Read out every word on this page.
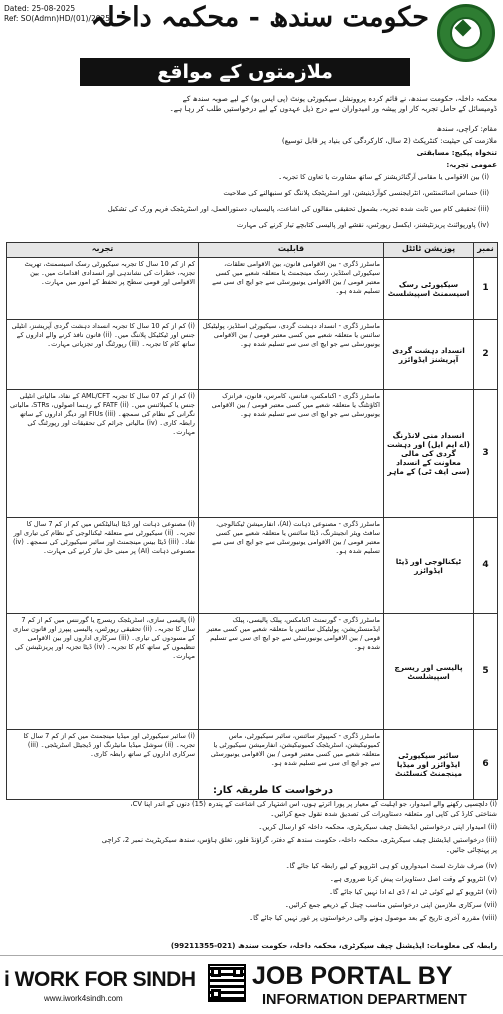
حکومت سندھ - محکمہ داخلہ
Dated: 25-08-2025
Ref: SO(Admn)HD/(01)/2025
ملازمتوں کے مواقع
محکمہ داخلہ، حکومت سندھ، نے قائم کردہ پروونشل سیکیورٹی یونٹ (پی ایس یو) کے لیے صوبہ سندھ کے
ڈومیسائل کے حامل تجربہ کار اور پیشہ ور امیدواران سے درج ذیل عہدوں کے لیے درخواستیں طلب کر رہا ہے۔
مقام: کراچی، سندھ
ملازمت کی حیثیت: کنٹریکٹ (2 سال، کارکردگی کی بنیاد پر قابل توسیع)
تنخواہ پیکیج: مسابقتی
عمومی تجربہ:
(i) بین الاقوامی یا مقامی آرگنائزیشنز کے ساتھ مشاورت یا تعاون کا تجربہ۔
(ii) حساس اسائنمنٹس، انٹرایجنسی کوآرڈینیشن، اور اسٹریٹجک پلاننگ کو سنبھالنے کی صلاحیت
(iii) تحقیقی کام میں ثابت شدہ تجربہ، بشمول تحقیقی مقالوں کی اشاعت، پالیسیاں، دستورالعمل، اور اسٹریٹجک فریم ورک کی تشکیل
(iv) پاورپوائنٹ پریزنٹیشنز، ایکسل رپورٹس، نقشے اور پالیسی کتابچے تیار کرنے کی مہارت
نمبر	پوزیشن ٹائٹل	قابلیت	تجربہ
1	سیکیورٹی رسک اسیسمنٹ اسپیشلسٹ	ماسٹرز ڈگری - بین الاقوامی قانون، بین الاقوامی تعلقات، سیکیورٹی اسٹڈیز، رسک مینجمنٹ یا متعلقہ شعبے میں کسی معتبر قومی / بین الاقوامی یونیورسٹی سے جو ایچ ای سی سے تسلیم شدہ ہو۔	کم از کم 10 سال کا تجربہ سیکیورٹی رسک اسیسمنٹ، تھریٹ تجزیہ، خطرات کی نشاندہی اور انسدادی اقدامات میں۔ بین الاقوامی اور قومی سطح پر تحفظ کے امور میں مہارت۔
2	انسداد دہشت گردی آپریشنز ایڈوائزر	ماسٹرز ڈگری - انسداد دہشت گردی، سیکیورٹی اسٹڈیز، پولیٹیکل سائنس یا متعلقہ شعبے میں کسی معتبر قومی / بین الاقوامی یونیورسٹی سے جو ایچ ای سی سے تسلیم شدہ ہو۔	(i) کم از کم 10 سال کا تجربہ انسداد دہشت گردی آپریشنز، انٹیلی جنس اور ٹیکٹیکل پلاننگ میں۔ (ii) قانون نافذ کرنے والے اداروں کے ساتھ کام کا تجربہ۔ (iii) رپورٹنگ اور تجزیاتی مہارت۔
3	انسداد منی لانڈرنگ (اے ایم ایل) اور دہشت گردی کی مالی معاونت کے انسداد (سی ایف ٹی) کے ماہر	ماسٹرز ڈگری - اکنامکس، فنانس، کامرس، قانون، فرانزک اکاؤنٹنگ یا متعلقہ شعبے میں کسی معتبر قومی / بین الاقوامی یونیورسٹی سے جو ایچ ای سی سے تسلیم شدہ ہو۔	(i) کم از کم 07 سال کا تجربہ AML/CFT کے نفاذ، مالیاتی انٹیلی جنس یا کمپلائنس میں۔ (ii) FATF کے رہنما اصولوں، STRs، مالیاتی نگرانی کے نظام کی سمجھ۔ (iii) FIUs اور دیگر اداروں کے ساتھ رابطہ کاری۔ (iv) مالیاتی جرائم کی تحقیقات اور رپورٹنگ کی مہارت۔
4	ٹیکنالوجی اور ڈیٹا ایڈوائزر	ماسٹرز ڈگری - مصنوعی ذہانت (AI)، انفارمیشن ٹیکنالوجی، سافٹ ویئر انجینئرنگ، ڈیٹا سائنس یا متعلقہ شعبے میں کسی معتبر قومی / بین الاقوامی یونیورسٹی سے جو ایچ ای سی سے تسلیم شدہ ہو۔	(i) مصنوعی ذہانت اور ڈیٹا اینالیٹکس میں کم از کم 7 سال کا تجربہ۔ (ii) سیکیورٹی سے متعلقہ ٹیکنالوجی کے نظام کی تیاری اور نفاذ۔ (iii) ڈیٹا بیس مینجمنٹ اور سائبر سیکیورٹی کی سمجھ۔ (iv) مصنوعی ذہانت (AI) پر مبنی حل تیار کرنے کی مہارت۔
5	پالیسی اور ریسرچ اسپیشلسٹ	ماسٹرز ڈگری - گورنمنٹ اکنامکس، پبلک پالیسی، پبلک ایڈمنسٹریشن، پولیٹیکل سائنس یا متعلقہ شعبے میں کسی معتبر قومی / بین الاقوامی یونیورسٹی سے جو ایچ ای سی سے تسلیم شدہ ہو۔	(i) پالیسی سازی، اسٹریٹجک ریسرچ یا گورننس میں کم از کم 7 سال کا تجربہ۔ (ii) تحقیقی رپورٹس، پالیسی پیپرز اور قانون سازی کے مسودوں کی تیاری۔ (iii) سرکاری اداروں اور بین الاقوامی تنظیموں کے ساتھ کام کا تجربہ۔ (iv) ڈیٹا تجزیہ اور پریزنٹیشن کی مہارت۔
6	سائبر سیکیورٹی ایڈوائزر اور میڈیا مینجمنٹ کنسلٹنٹ	ماسٹرز ڈگری - کمپیوٹر سائنس، سائبر سیکیورٹی، ماس کمیونیکیشن، اسٹریٹجک کمیونیکیشن، انفارمیشن سیکیورٹی یا متعلقہ شعبے میں کسی معتبر قومی / بین الاقوامی یونیورسٹی سے جو ایچ ای سی سے تسلیم شدہ ہو۔	(i) سائبر سیکیورٹی اور میڈیا مینجمنٹ میں کم از کم 7 سال کا تجربہ۔ (ii) سوشل میڈیا مانیٹرنگ اور ڈیجیٹل اسٹریٹجی۔ (iii) سرکاری اداروں کے ساتھ رابطہ کاری۔
درخواست کا طریقہ کار:
(i) دلچسپی رکھنے والے امیدوار، جو اہلیت کے معیار پر پورا اترتے ہوں، اس اشتہار کی اشاعت کے پندرہ (15) دنوں کے اندر اپنا CV،
شناختی کارڈ کی کاپی اور متعلقہ دستاویزات کی تصدیق شدہ نقول جمع کرائیں۔
(ii) امیدوار اپنی درخواستیں ایڈیشنل چیف سیکریٹری، محکمہ داخلہ کو ارسال کریں۔
(iii) درخواستیں ایڈیشنل چیف سیکریٹری، محکمہ داخلہ، حکومت سندھ کے دفتر، گراؤنڈ فلور، تغلق ہاؤس، سندھ سیکریٹریٹ نمبر 2، کراچی
پر پہنچائی جائیں۔
(iv) صرف شارٹ لسٹ امیدواروں کو ہی انٹرویو کے لیے رابطہ کیا جائے گا۔
(v) انٹرویو کے وقت اصل دستاویزات پیش کرنا ضروری ہے۔
(vi) انٹرویو کے لیے کوئی ٹی اے / ڈی اے ادا نہیں کیا جائے گا۔
(vii) سرکاری ملازمین اپنی درخواستیں مناسب چینل کے ذریعے جمع کرائیں۔
(viii) مقررہ آخری تاریخ کے بعد موصول ہونے والی درخواستوں پر غور نہیں کیا جائے گا۔
رابطہ کی معلومات: ایڈیشنل چیف سیکرٹری، محکمہ داخلہ، حکومت سندھ (021-99211355)
i WORK FOR SINDH
www.iwork4sindh.com
JOB PORTAL BY
INFORMATION DEPARTMENT
